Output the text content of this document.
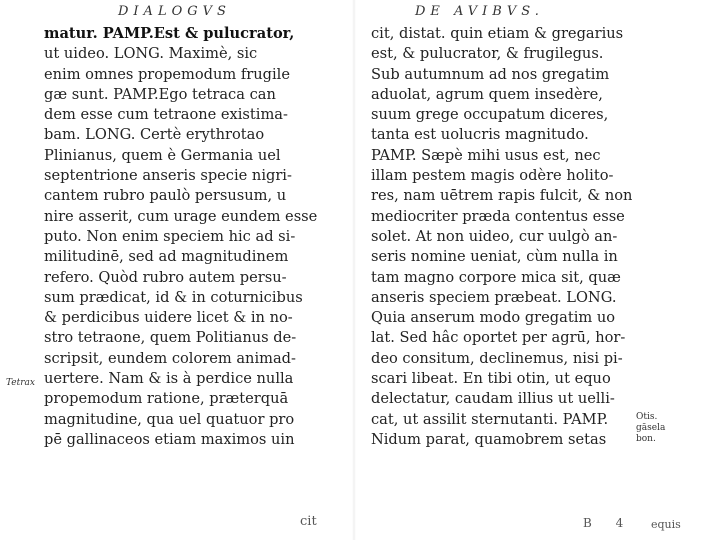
DIALOGVS
matur. PAMP.Est & pulucrator,
ut uideo. LONG. Maximè, sic
enim omnes propemodum frugile
gæ sunt. PAMP.Ego tetraca can
dem esse cum tetraone existima-
bam. LONG. Certè erythrotao
Plinianus, quem è Germania uel
septentrione anseris specie nigri-
cantem rubro paulò persusum, u
nire asserit, cum urage eundem esse
puto. Non enim speciem hic ad si-
militudinē, sed ad magnitudinem
refero. Quòd rubro autem persu-
sum prædicat, id & in coturnicibus
& perdicibus uidere licet & in no-
stro tetraone, quem Politianus de-
scripsit, eundem colorem animad-
uertere. Nam & is à perdice nulla
propemodum ratione, præterquā
magnitudine, qua uel quatuor pro
pē gallinaceos etiam maximos uin
cit
Tetrax
DE AVIBVS.
cit, distat. quin etiam & gregarius
est, & pulucrator, & frugilegus.
Sub autumnum ad nos gregatim
aduolat, agrum quem insedère,
suum grege occupatum diceres,
tanta est uolucris magnitudo.
PAMP. Sæpè mihi usus est, nec
illam pestem magis odère holito-
res, nam uētrem rapis fulcit, & non
mediocriter præda contentus esse
solet. At non uideo, cur uulgò an-
seris nomine ueniat, cùm nulla in
tam magno corpore mica sit, quæ
anseris speciem præbeat. LONG.
Quia anserum modo gregatim uo
lat. Sed hâc oportet per agrū, hor-
deo consitum, declinemus, nisi pi-
scari libeat. En tibi otin, ut equo
delectatur, caudam illius ut uelli-
cat, ut assilit sternutanti. PAMP.
Nidum parat, quamobrem setas
B 4 equis
Otis.
gāsela
bon.
